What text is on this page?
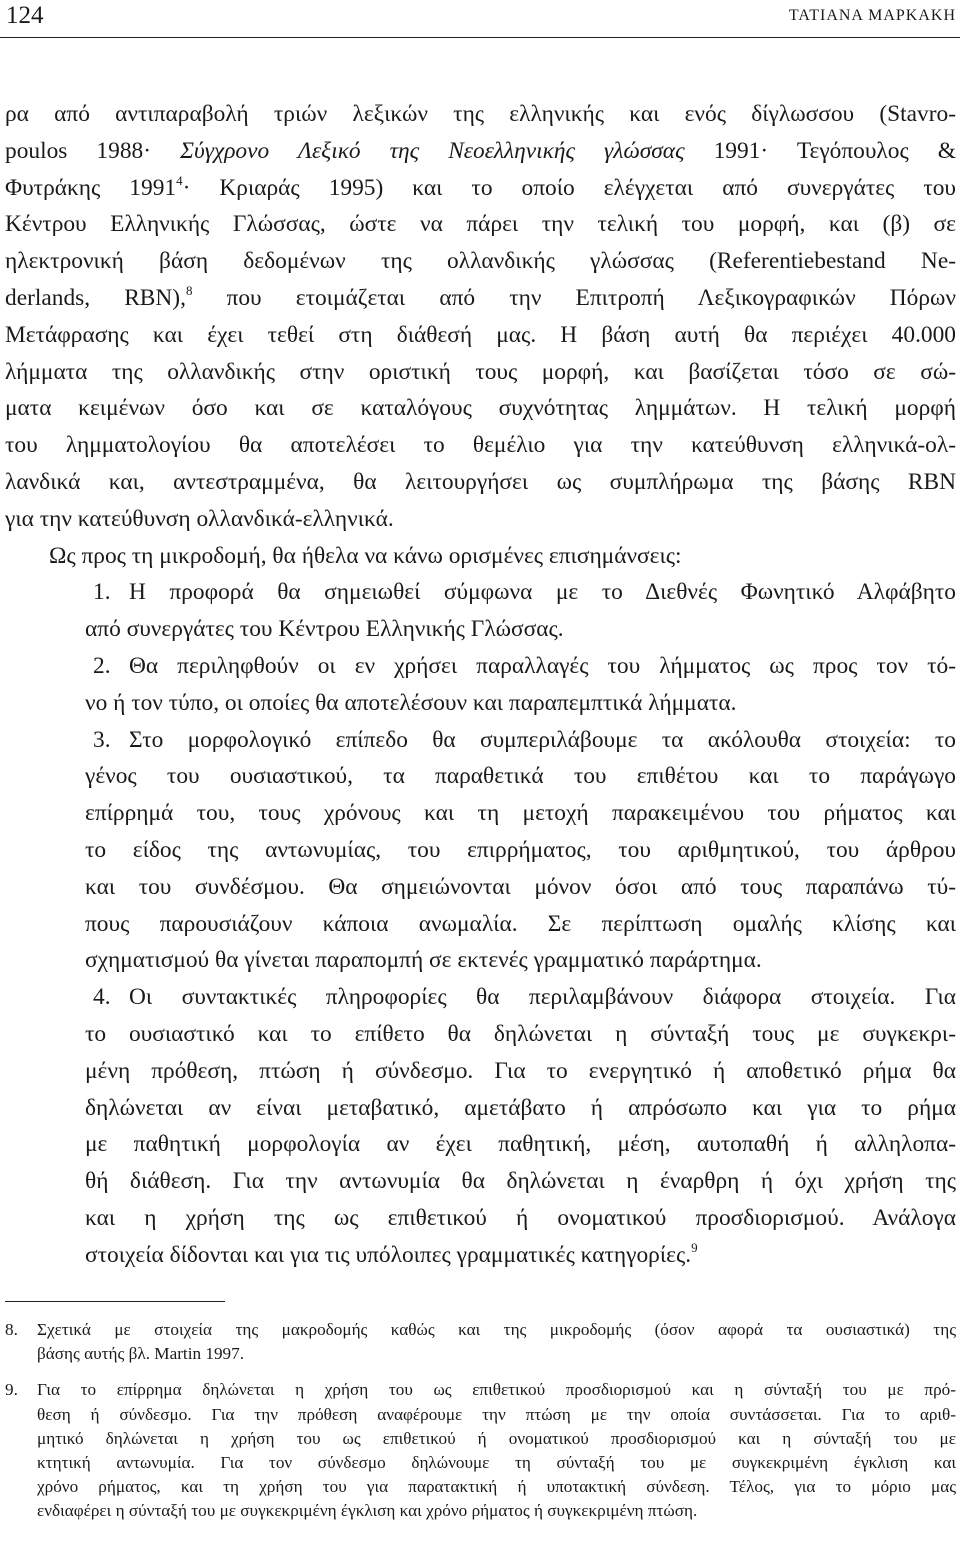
124	ΤΑΤΙΑΝΑ ΜΑΡΚΑΚΗ
ρα από αντιπαραβολή τριών λεξικών της ελληνικής και ενός δίγλωσσου (Stavro-
poulos 1988· Σύγχρονο Λεξικό της Νεοελληνικής γλώσσας 1991· Τεγόπουλος &
Φυτράκης $1991^4\cdot K\rho\iota\alpha\rho ά\varsigma$ 1995) και το οποίο ελέγχεται από συνεργάτες του
Κέντρου Ελληνικής Γλώσσας, ώστε να πάρει την τελική του μορφή, και (β) σε
ηλεκτρονική βάση δεδομένων της ολλανδικής γλώσσας (Referentiebestand Ne-
derlands, RBN),$^8$ που ετοιμάζεται από την Επιτροπή Λεξικογραφικών Πόρων
Μετάφρασης και έχει τεθεί στη διάθεσή μας. Η βάση αυτή θα περιέχει 40.000
λήμματα της ολλανδικής στην οριστική τους μορφή, και βασίζεται τόσο σε σώ-
ματα κειμένων όσο και σε καταλόγους συχνότητας λημμάτων. Η τελική μορφή
του λημματολογίου θα αποτελέσει το θεμέλιο για την κατεύθυνση ελληνικά-ολ-
λανδικά και, αντεστραμμένα, θα λειτουργήσει ως συμπλήρωμα της βάσης RBN
για την κατεύθυνση ολλανδικά-ελληνικά.
Ως προς τη μικροδομή, θα ήθελα να κάνω ορισμένες επισημάνσεις:
1. Η προφορά θα σημειωθεί σύμφωνα με το Διεθνές Φωνητικό Αλφάβητο
από συνεργάτες του Κέντρου Ελληνικής Γλώσσας.
2. Θα περιληφθούν οι εν χρήσει παραλλαγές του λήμματος ως προς τον τό-
νο ή τον τύπο, οι οποίες θα αποτελέσουν και παραπεμπτικά λήμματα.
3. Στο μορφολογικό επίπεδο θα συμπεριλάβουμε τα ακόλουθα στοιχεία: το
γένος του ουσιαστικού, τα παραθετικά του επιθέτου και το παράγωγο
επίρρημά του, τους χρόνους και τη μετοχή παρακειμένου του ρήματος και
το είδος της αντωνυμίας, του επιρρήματος, του αριθμητικού, του άρθρου
και του συνδέσμου. Θα σημειώνονται μόνον όσοι από τους παραπάνω τύ-
πους παρουσιάζουν κάποια ανωμαλία. Σε περίπτωση ομαλής κλίσης και
σχηματισμού θα γίνεται παραπομπή σε εκτενές γραμματικό παράρτημα.
4. Οι συντακτικές πληροφορίες θα περιλαμβάνουν διάφορα στοιχεία. Για
το ουσιαστικό και το επίθετο θα δηλώνεται η σύνταξή τους με συγκεκρι-
μένη πρόθεση, πτώση ή σύνδεσμο. Για το ενεργητικό ή αποθετικό ρήμα θα
δηλώνεται αν είναι μεταβατικό, αμετάβατο ή απρόσωπο και για το ρήμα
με παθητική μορφολογία αν έχει παθητική, μέση, αυτοπαθή ή αλληλοπα-
θή διάθεση. Για την αντωνυμία θα δηλώνεται η έναρθρη ή όχι χρήση της
και η χρήση της ως επιθετικού ή ονοματικού προσδιορισμού. Ανάλογα
στοιχεία δίδονται και για τις υπόλοιπες γραμματικές κατηγορίες.$^9$
8. Σχετικά με στοιχεία της μακροδομής καθώς και της μικροδομής (όσον αφορά τα ουσιαστικά) της
βάσης αυτής βλ. Martin 1997.
9. Για το επίρρημα δηλώνεται η χρήση του ως επιθετικού προσδιορισμού και η σύνταξή του με πρό-
θεση ή σύνδεσμο. Για την πρόθεση αναφέρουμε την πτώση με την οποία συντάσσεται. Για το αριθ-
μητικό δηλώνεται η χρήση του ως επιθετικού ή ονοματικού προσδιορισμού και η σύνταξή του με
κτητική αντωνυμία. Για τον σύνδεσμο δηλώνουμε τη σύνταξή του με συγκεκριμένη έγκλιση και
χρόνο ρήματος, και τη χρήση του για παρατακτική ή υποτακτική σύνδεση. Τέλος, για το μόριο μας
ενδιαφέρει η σύνταξή του με συγκεκριμένη έγκλιση και χρόνο ρήματος ή συγκεκριμένη πτώση.
